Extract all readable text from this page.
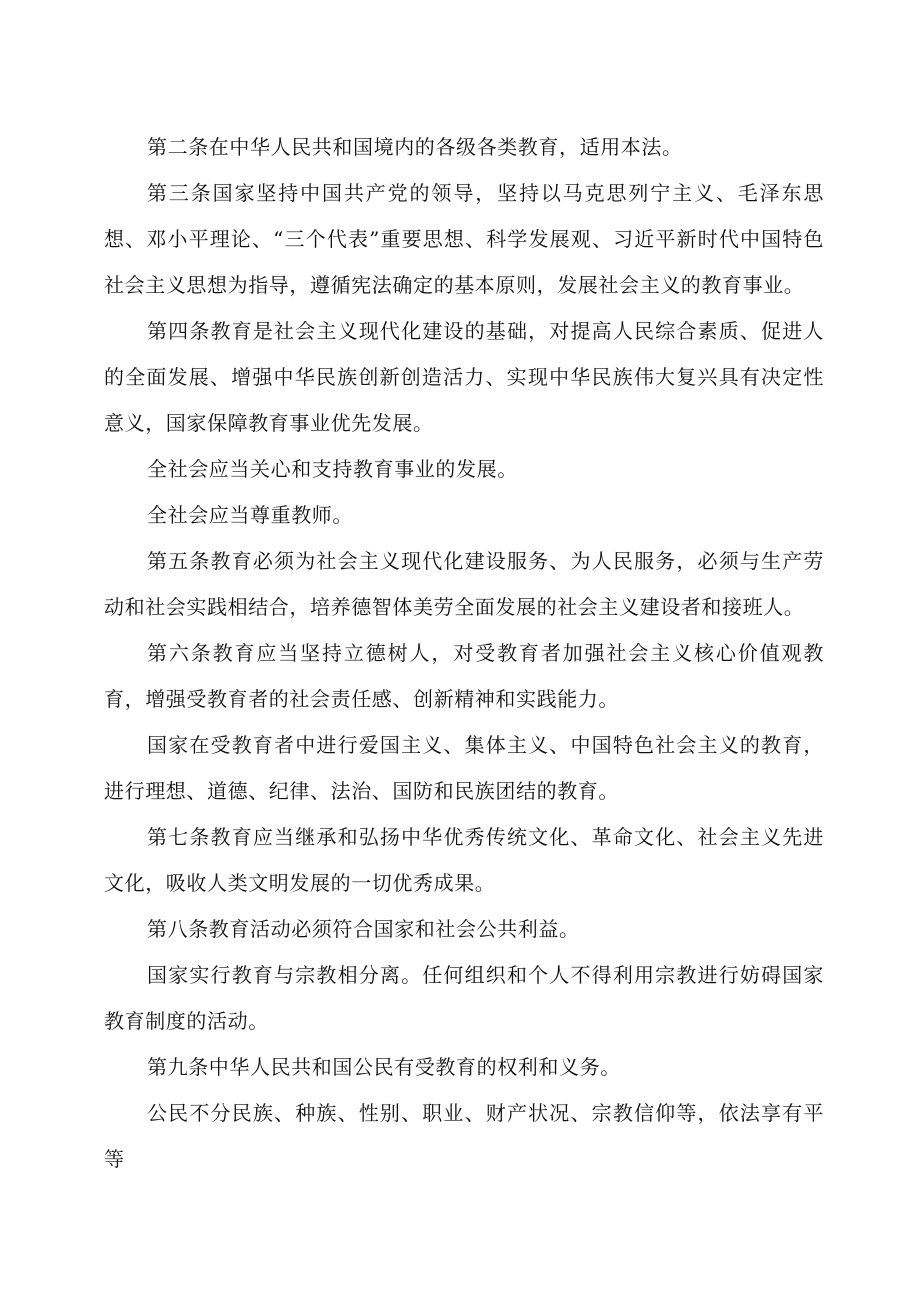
第二条在中华人民共和国境内的各级各类教育，适用本法。

第三条国家坚持中国共产党的领导，坚持以马克思列宁主义、毛泽东思想、邓小平理论、“三个代表”重要思想、科学发展观、习近平新时代中国特色社会主义思想为指导，遵循宪法确定的基本原则，发展社会主义的教育事业。

第四条教育是社会主义现代化建设的基础，对提高人民综合素质、促进人的全面发展、增强中华民族创新创造活力、实现中华民族伟大复兴具有决定性意义，国家保障教育事业优先发展。

全社会应当关心和支持教育事业的发展。

全社会应当尊重教师。

第五条教育必须为社会主义现代化建设服务、为人民服务，必须与生产劳动和社会实践相结合，培养德智体美劳全面发展的社会主义建设者和接班人。

第六条教育应当坚持立德树人，对受教育者加强社会主义核心价值观教育，增强受教育者的社会责任感、创新精神和实践能力。

国家在受教育者中进行爱国主义、集体主义、中国特色社会主义的教育，进行理想、道德、纪律、法治、国防和民族团结的教育。

第七条教育应当继承和弘扬中华优秀传统文化、革命文化、社会主义先进文化，吸收人类文明发展的一切优秀成果。

第八条教育活动必须符合国家和社会公共利益。

国家实行教育与宗教相分离。任何组织和个人不得利用宗教进行妨碍国家教育制度的活动。

第九条中华人民共和国公民有受教育的权利和义务。

公民不分民族、种族、性别、职业、财产状况、宗教信仰等，依法享有平等
